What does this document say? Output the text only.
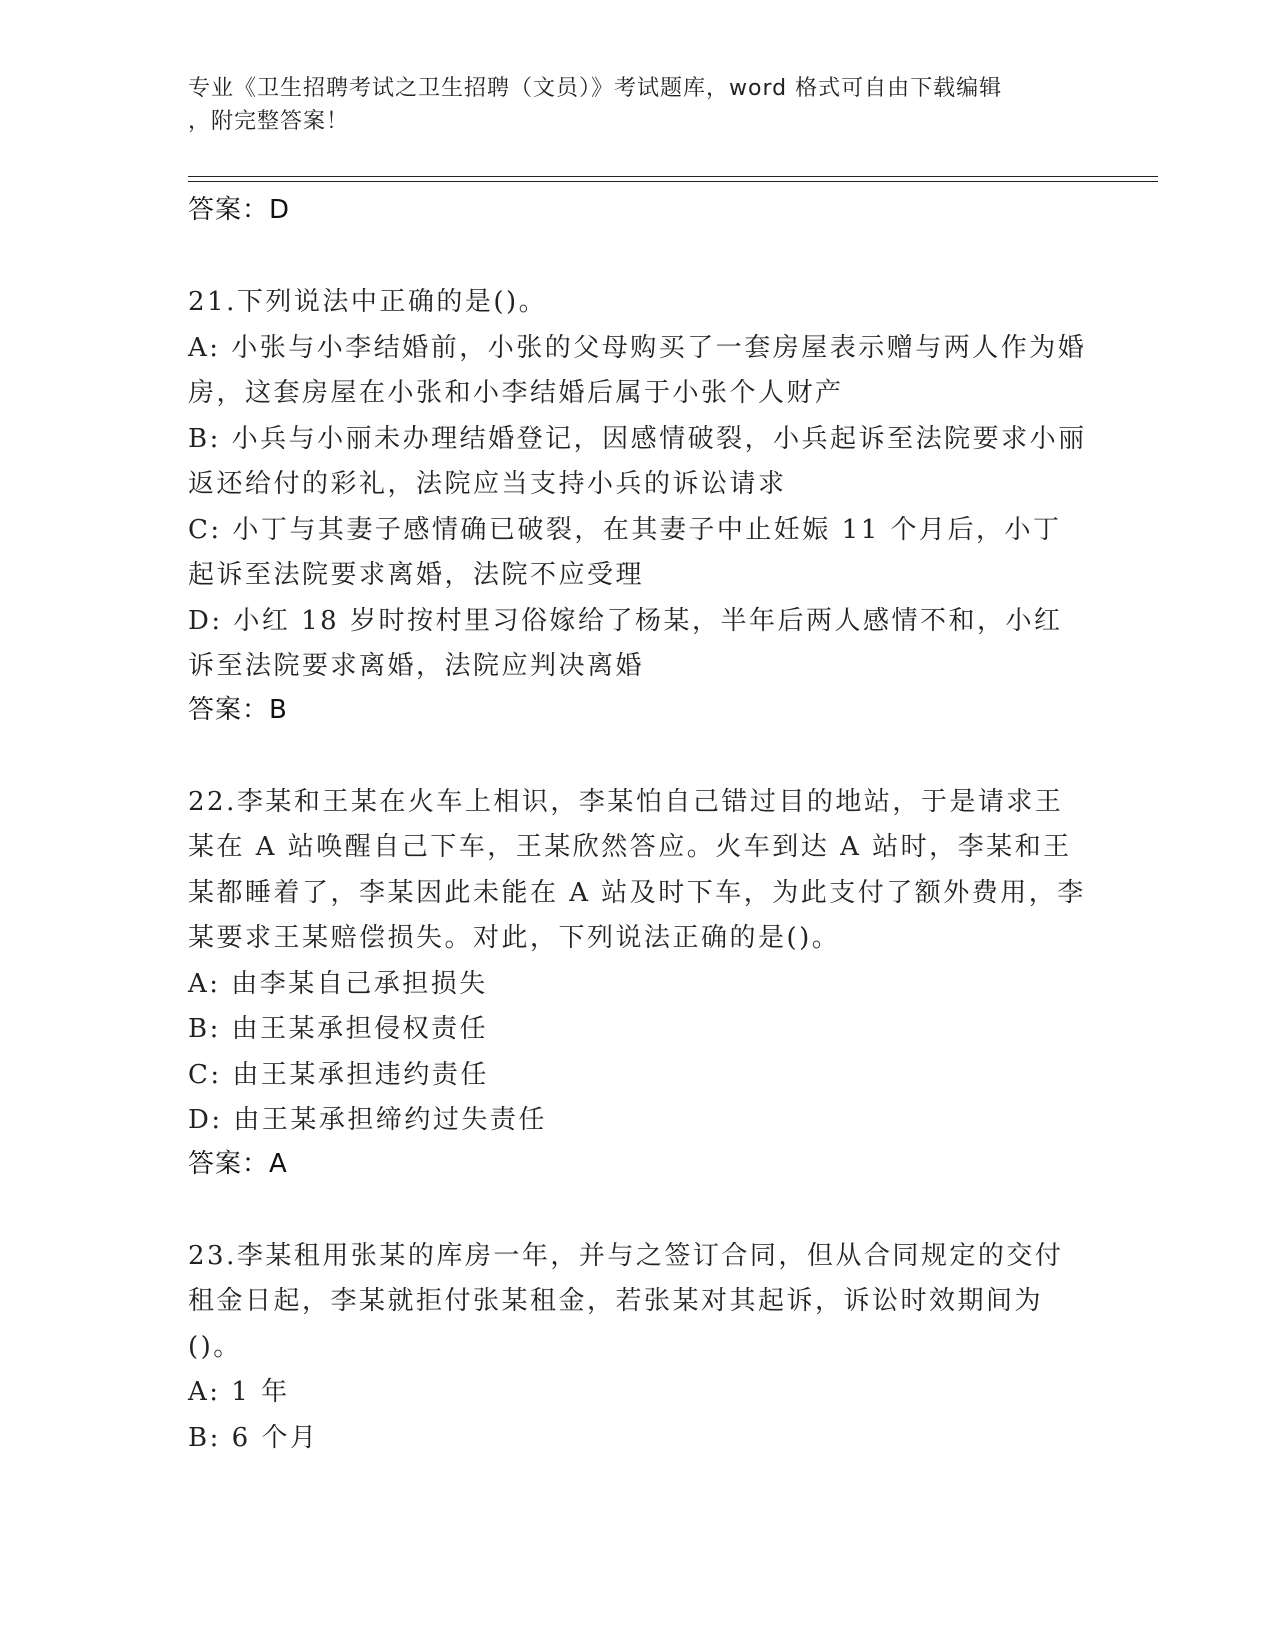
专业《卫生招聘考试之卫生招聘（文员）》考试题库，word 格式可自由下载编辑
，附完整答案！
答案：D
21.下列说法中正确的是()。
A: 小张与小李结婚前，小张的父母购买了一套房屋表示赠与两人作为婚房，这套房屋在小张和小李结婚后属于小张个人财产
B: 小兵与小丽未办理结婚登记，因感情破裂，小兵起诉至法院要求小丽返还给付的彩礼，法院应当支持小兵的诉讼请求
C: 小丁与其妻子感情确已破裂，在其妻子中止妊娠 11 个月后，小丁起诉至法院要求离婚，法院不应受理
D: 小红 18 岁时按村里习俗嫁给了杨某，半年后两人感情不和，小红诉至法院要求离婚，法院应判决离婚
答案：B
22.李某和王某在火车上相识，李某怕自己错过目的地站，于是请求王某在 A 站唤醒自己下车，王某欣然答应。火车到达 A 站时，李某和王某都睡着了，李某因此未能在 A 站及时下车，为此支付了额外费用，李某要求王某赔偿损失。对此，下列说法正确的是()。
A: 由李某自己承担损失
B: 由王某承担侵权责任
C: 由王某承担违约责任
D: 由王某承担缔约过失责任
答案：A
23.李某租用张某的库房一年，并与之签订合同，但从合同规定的交付租金日起，李某就拒付张某租金，若张某对其起诉，诉讼时效期间为()。
A: 1 年
B: 6 个月
